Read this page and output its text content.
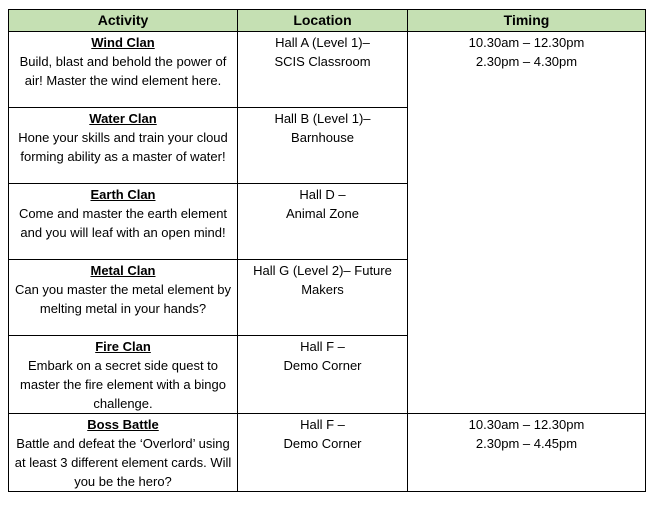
Activity	Location	Timing

Wind Clan
Build, blast and behold the power of air! Master the wind element here.	Hall A (Level 1)–
SCIS Classroom	10.30am – 12.30pm
2.30pm – 4.30pm

Water Clan
Hone your skills and train your cloud forming ability as a master of water!	Hall B (Level 1)–
Barnhouse	

Earth Clan
Come and master the earth element and you will leaf with an open mind!	Hall D –
Animal Zone	

Metal Clan
Can you master the metal element by melting metal in your hands?	Hall G (Level 2)– Future
Makers	

Fire Clan
Embark on a secret side quest to master the fire element with a bingo challenge.	Hall F –
Demo Corner	

Boss Battle
Battle and defeat the ‘Overlord’ using at least 3 different element cards. Will you be the hero?	Hall F –
Demo Corner	10.30am – 12.30pm
2.30pm – 4.45pm
